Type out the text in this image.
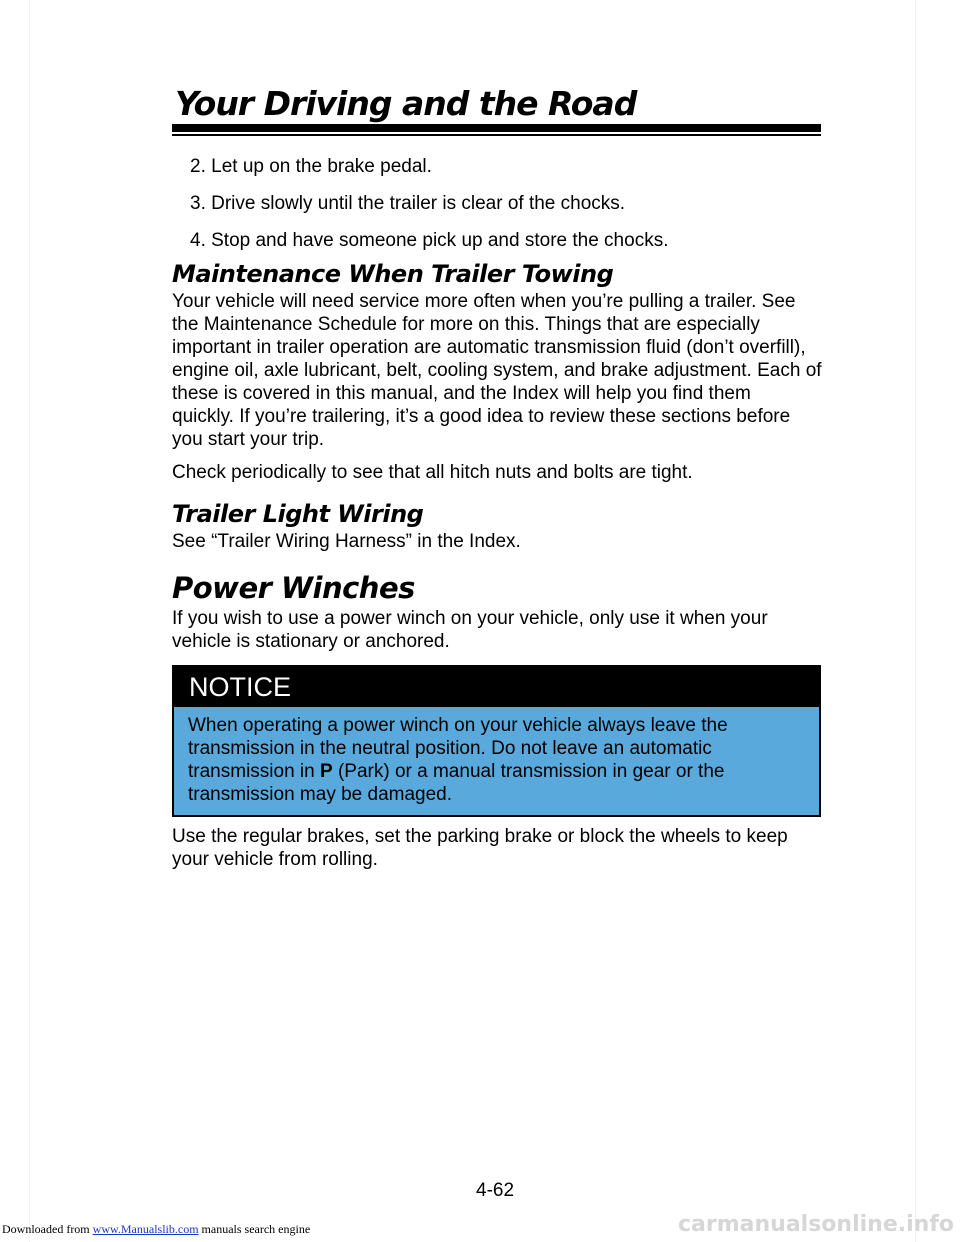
Your Driving and the Road
2. Let up on the brake pedal.
3. Drive slowly until the trailer is clear of the chocks.
4. Stop and have someone pick up and store the chocks.
Maintenance When Trailer Towing

Your vehicle will need service more often when you’re pulling a trailer. See

the Maintenance Schedule for more on this. Things that are especially

important in trailer operation are automatic transmission fluid (don’t overfill),

engine oil, axle lubricant, belt, cooling system, and brake adjustment. Each of

these is covered in this manual, and the Index will help you find them

quickly. If you’re trailering, it’s a good idea to review these sections before

you start your trip.

Check periodically to see that all hitch nuts and bolts are tight.

Trailer Light Wiring

See “Trailer Wiring Harness” in the Index.

Power Winches

If you wish to use a power winch on your vehicle, only use it when your

vehicle is stationary or anchored.

NOTICE

When operating a power winch on your vehicle always leave the

transmission in the neutral position. Do not leave an automatic

transmission in P (Park) or a manual transmission in gear or the

transmission may be damaged.

Use the regular brakes, set the parking brake or block the wheels to keep

your vehicle from rolling.

4-62
Downloaded from www.Manualslib.com manuals search engine	carmanualsonline.info
